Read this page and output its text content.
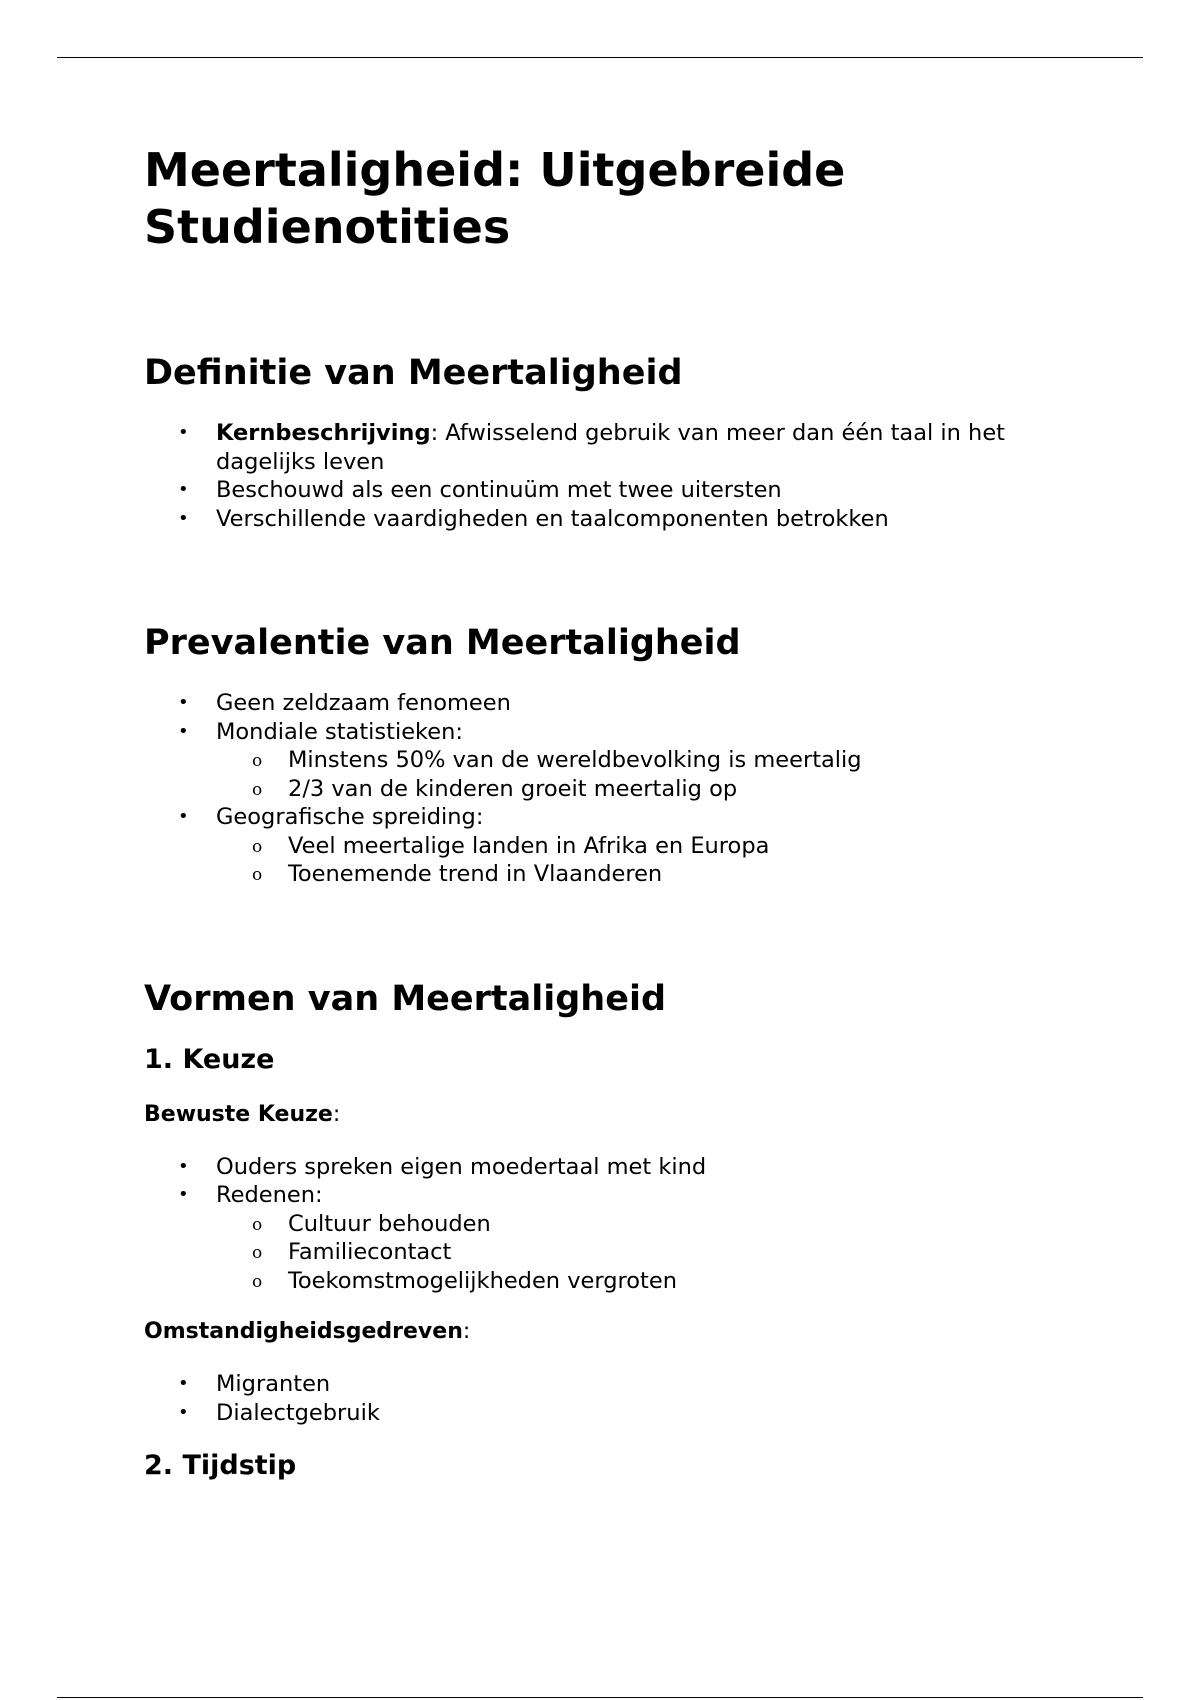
Meertaligheid: Uitgebreide Studienotities
Definitie van Meertaligheid
• Kernbeschrijving: Afwisselend gebruik van meer dan één taal in het dagelijks leven
• Beschouwd als een continuüm met twee uitersten
• Verschillende vaardigheden en taalcomponenten betrokken
Prevalentie van Meertaligheid
• Geen zeldzaam fenomeen
• Mondiale statistieken:
o Minstens 50% van de wereldbevolking is meertalig
o 2/3 van de kinderen groeit meertalig op
• Geografische spreiding:
o Veel meertalige landen in Afrika en Europa
o Toenemende trend in Vlaanderen
Vormen van Meertaligheid
1. Keuze

Bewuste Keuze:

• Ouders spreken eigen moedertaal met kind
• Redenen:
o Cultuur behouden
o Familiecontact
o Toekomstmogelijkheden vergroten

Omstandigheidsgedreven:

• Migranten
• Dialectgebruik
2. Tijdstip
